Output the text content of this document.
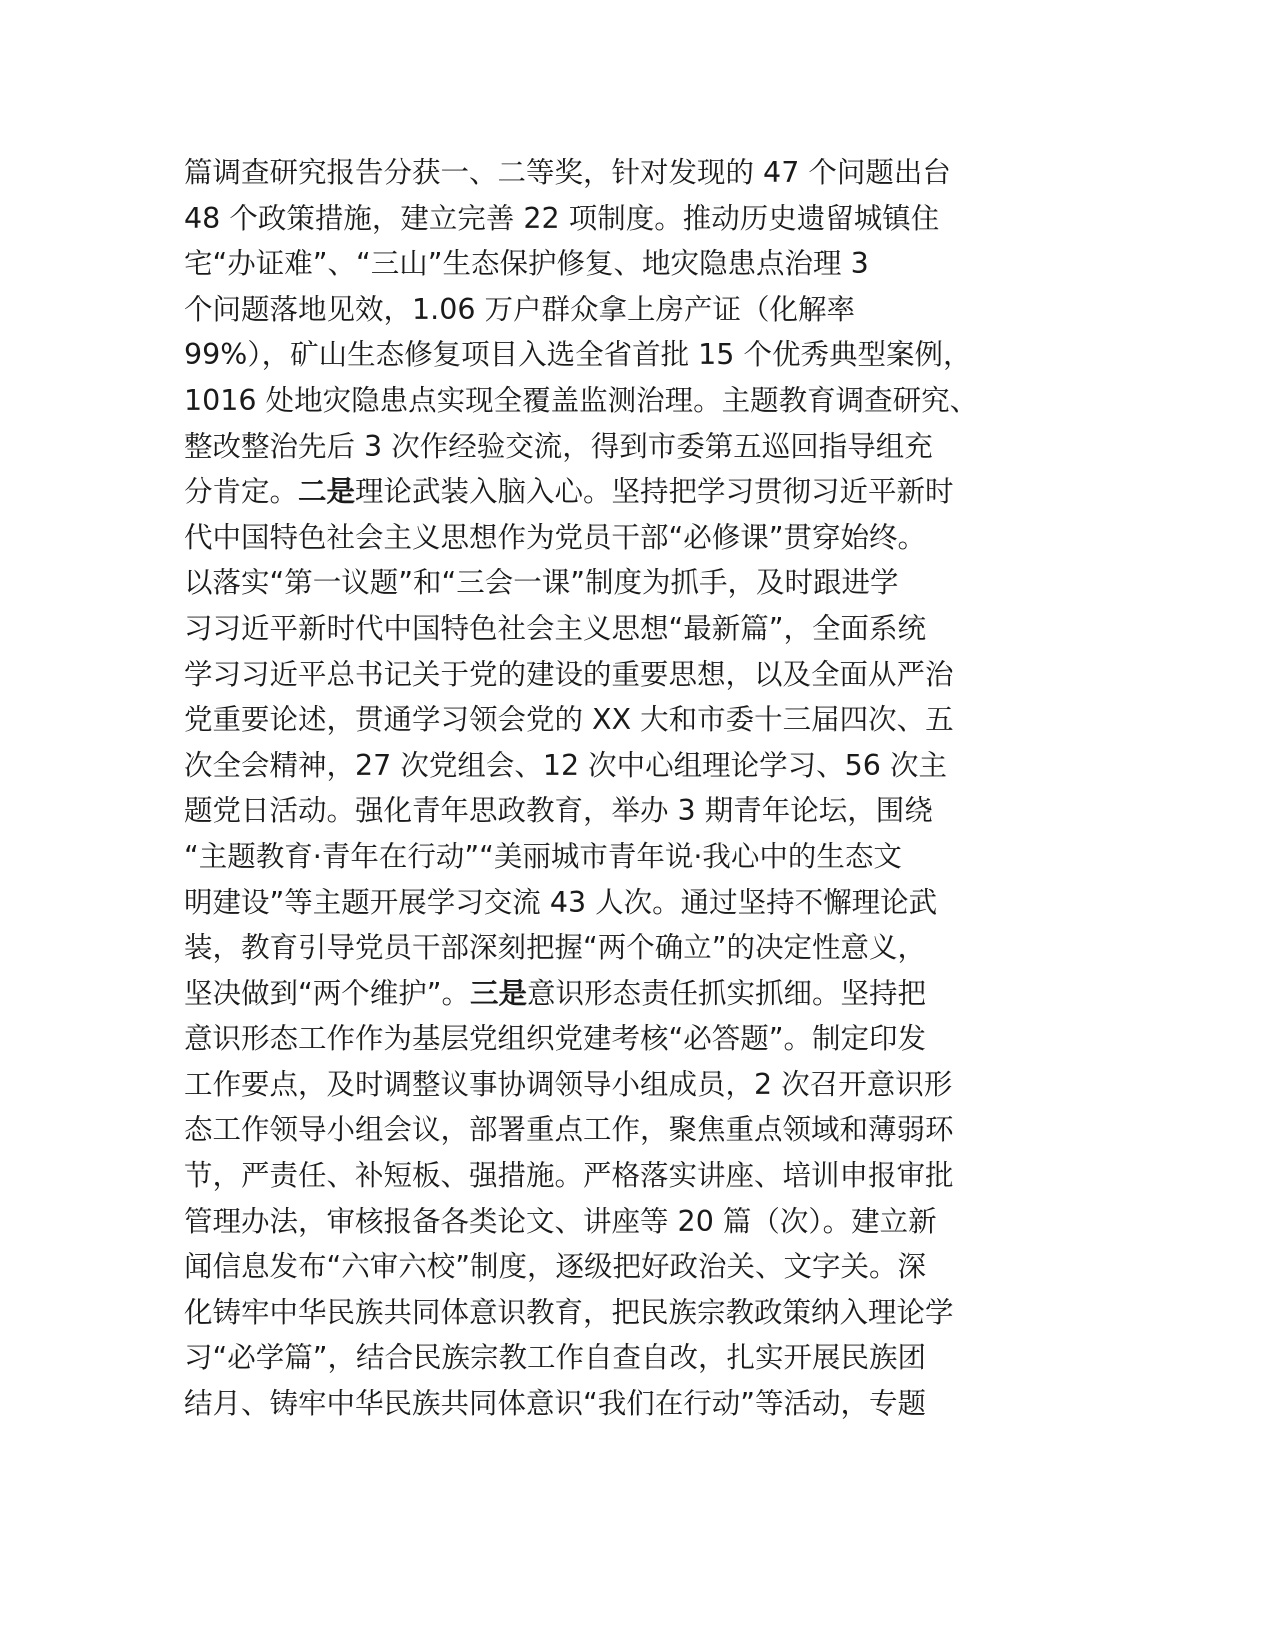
篇调查研究报告分获一、二等奖，针对发现的 47 个问题出台
48 个政策措施，建立完善 22 项制度。推动历史遗留城镇住
宅“办证难”、“三山”生态保护修复、地灾隐患点治理 3
个问题落地见效，1.06 万户群众拿上房产证（化解率
99%），矿山生态修复项目入选全省首批 15 个优秀典型案例，
1016 处地灾隐患点实现全覆盖监测治理。主题教育调查研究、
整改整治先后 3 次作经验交流，得到市委第五巡回指导组充
分肯定。二是理论武装入脑入心。坚持把学习贯彻习近平新时
代中国特色社会主义思想作为党员干部“必修课”贯穿始终。
以落实“第一议题”和“三会一课”制度为抓手，及时跟进学
习习近平新时代中国特色社会主义思想“最新篇”，全面系统
学习习近平总书记关于党的建设的重要思想，以及全面从严治
党重要论述，贯通学习领会党的 XX 大和市委十三届四次、五
次全会精神，27 次党组会、12 次中心组理论学习、56 次主
题党日活动。强化青年思政教育，举办 3 期青年论坛，围绕
“主题教育·青年在行动”“美丽城市青年说·我心中的生态文
明建设”等主题开展学习交流 43 人次。通过坚持不懈理论武
装，教育引导党员干部深刻把握“两个确立”的决定性意义，
坚决做到“两个维护”。三是意识形态责任抓实抓细。坚持把
意识形态工作作为基层党组织党建考核“必答题”。制定印发
工作要点，及时调整议事协调领导小组成员，2 次召开意识形
态工作领导小组会议，部署重点工作，聚焦重点领域和薄弱环
节，严责任、补短板、强措施。严格落实讲座、培训申报审批
管理办法，审核报备各类论文、讲座等 20 篇（次）。建立新
闻信息发布“六审六校”制度，逐级把好政治关、文字关。深
化铸牢中华民族共同体意识教育，把民族宗教政策纳入理论学
习“必学篇”，结合民族宗教工作自查自改，扎实开展民族团
结月、铸牢中华民族共同体意识“我们在行动”等活动，专题
